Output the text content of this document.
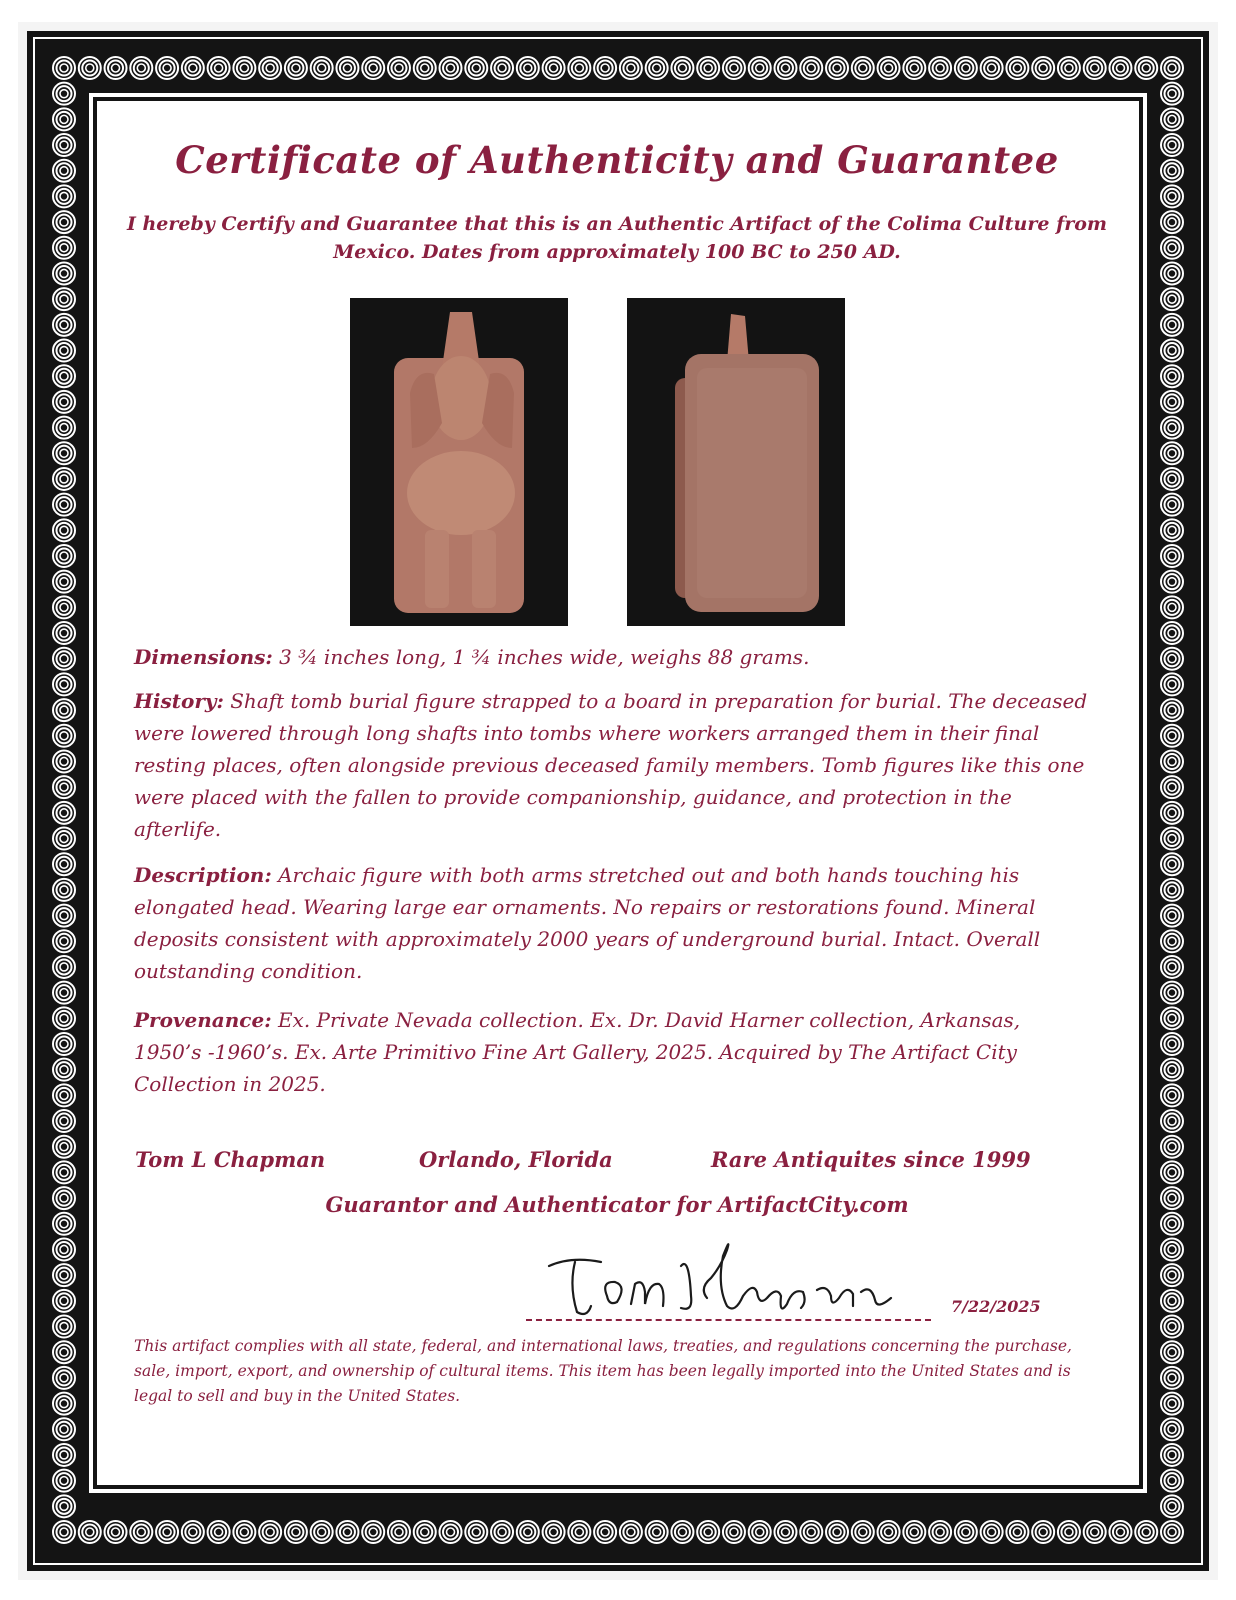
Certificate of Authenticity and Guarantee
I hereby Certify and Guarantee that this is an Authentic Artifact of the Colima Culture from Mexico. Dates from approximately 100 BC to 250 AD.
Dimensions: 3 ¾ inches long, 1 ¾ inches wide, weighs 88 grams.
History: Shaft tomb burial figure strapped to a board in preparation for burial. The deceased were lowered through long shafts into tombs where workers arranged them in their final resting places, often alongside previous deceased family members. Tomb figures like this one were placed with the fallen to provide companionship, guidance, and protection in the afterlife.
Description: Archaic figure with both arms stretched out and both hands touching his elongated head. Wearing large ear ornaments. No repairs or restorations found. Mineral deposits consistent with approximately 2000 years of underground burial. Intact. Overall outstanding condition.
Provenance: Ex. Private Nevada collection. Ex. Dr. David Harner collection, Arkansas, 1950’s -1960’s. Ex. Arte Primitivo Fine Art Gallery, 2025. Acquired by The Artifact City Collection in 2025.
Tom L Chapman	Orlando, Florida	Rare Antiquites since 1999
Guarantor and Authenticator for ArtifactCity.com
7/22/2025
This artifact complies with all state, federal, and international laws, treaties, and regulations concerning the purchase, sale, import, export, and ownership of cultural items. This item has been legally imported into the United States and is legal to sell and buy in the United States.
